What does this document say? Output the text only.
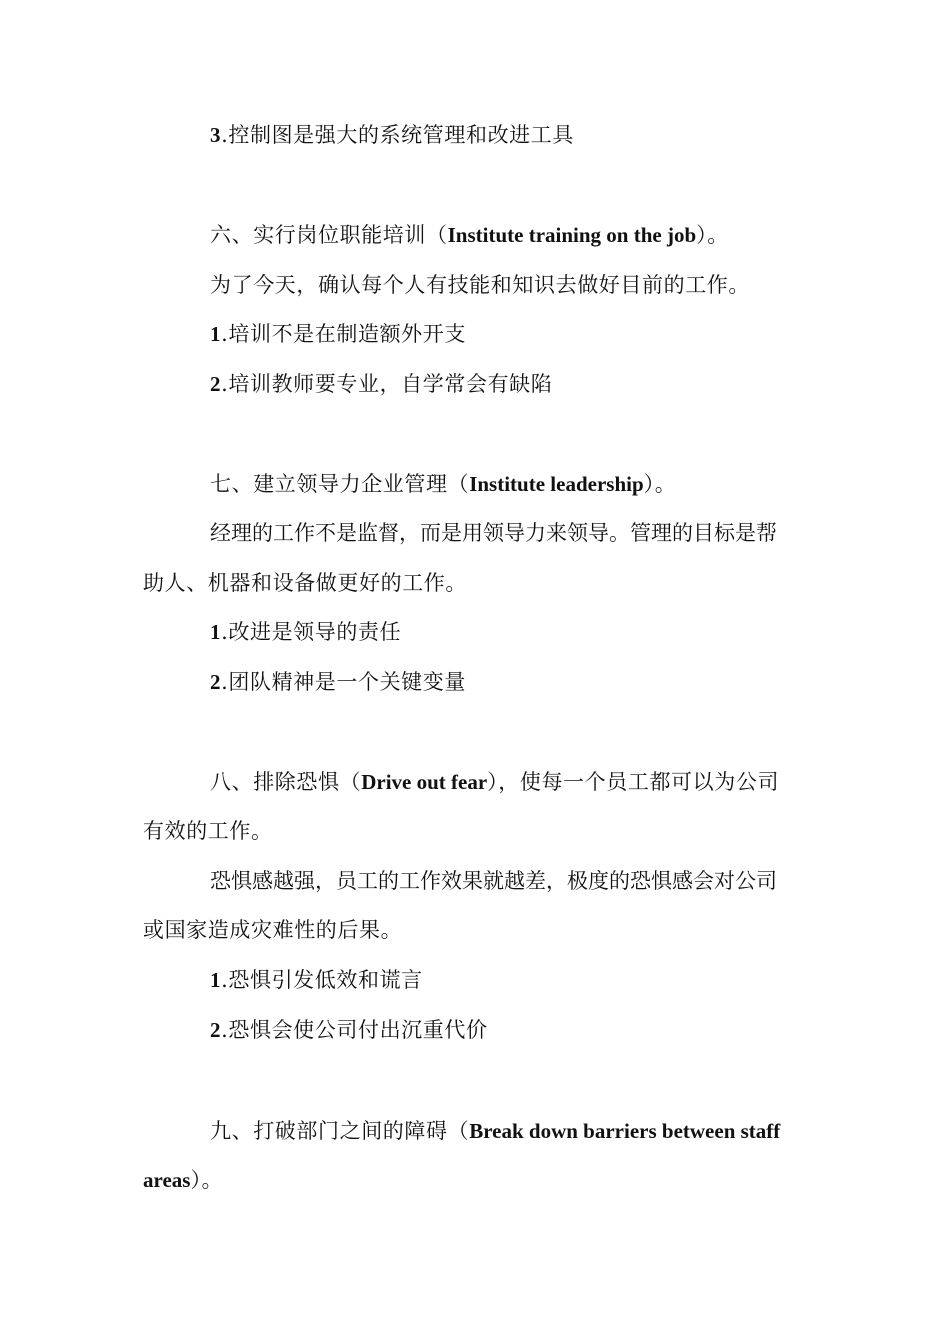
3.控制图是强大的系统管理和改进工具
六、实行岗位职能培训（Institute training on the job）。
为了今天，确认每个人有技能和知识去做好目前的工作。
1.培训不是在制造额外开支
2.培训教师要专业，自学常会有缺陷
七、建立领导力企业管理（Institute leadership）。
经理的工作不是监督，而是用领导力来领导。管理的目标是帮
助人、机器和设备做更好的工作。
1.改进是领导的责任
2.团队精神是一个关键变量
八、排除恐惧（Drive out fear），使每一个员工都可以为公司
有效的工作。
恐惧感越强，员工的工作效果就越差，极度的恐惧感会对公司
或国家造成灾难性的后果。
1.恐惧引发低效和谎言
2.恐惧会使公司付出沉重代价
九、打破部门之间的障碍（Break down barriers between staff
areas）。
